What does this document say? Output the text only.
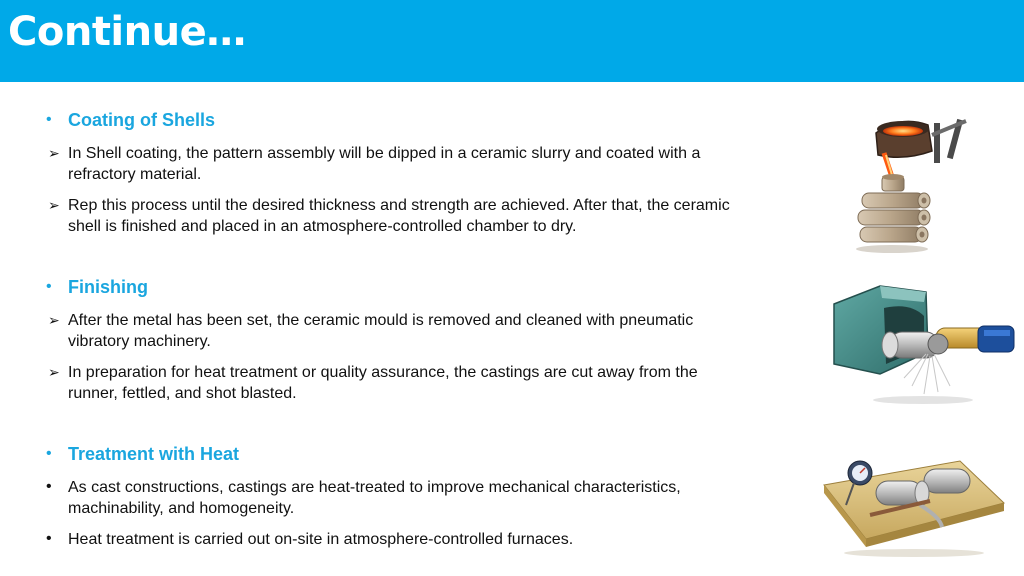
Continue…
• Coating of Shells
➢ In Shell coating, the pattern assembly will be dipped in a ceramic slurry and coated with a
refractory material.
➢ Rep this process until the desired thickness and strength are achieved. After that, the ceramic
shell is finished and placed in an atmosphere-controlled chamber to dry.
• Finishing
➢ After the metal has been set, the ceramic mould is removed and cleaned with pneumatic
vibratory machinery.
➢ In preparation for heat treatment or quality assurance, the castings are cut away from the
runner, fettled, and shot blasted.
• Treatment with Heat
• As cast constructions, castings are heat-treated to improve mechanical characteristics,
machinability, and homogeneity.
• Heat treatment is carried out on-site in atmosphere-controlled furnaces.
